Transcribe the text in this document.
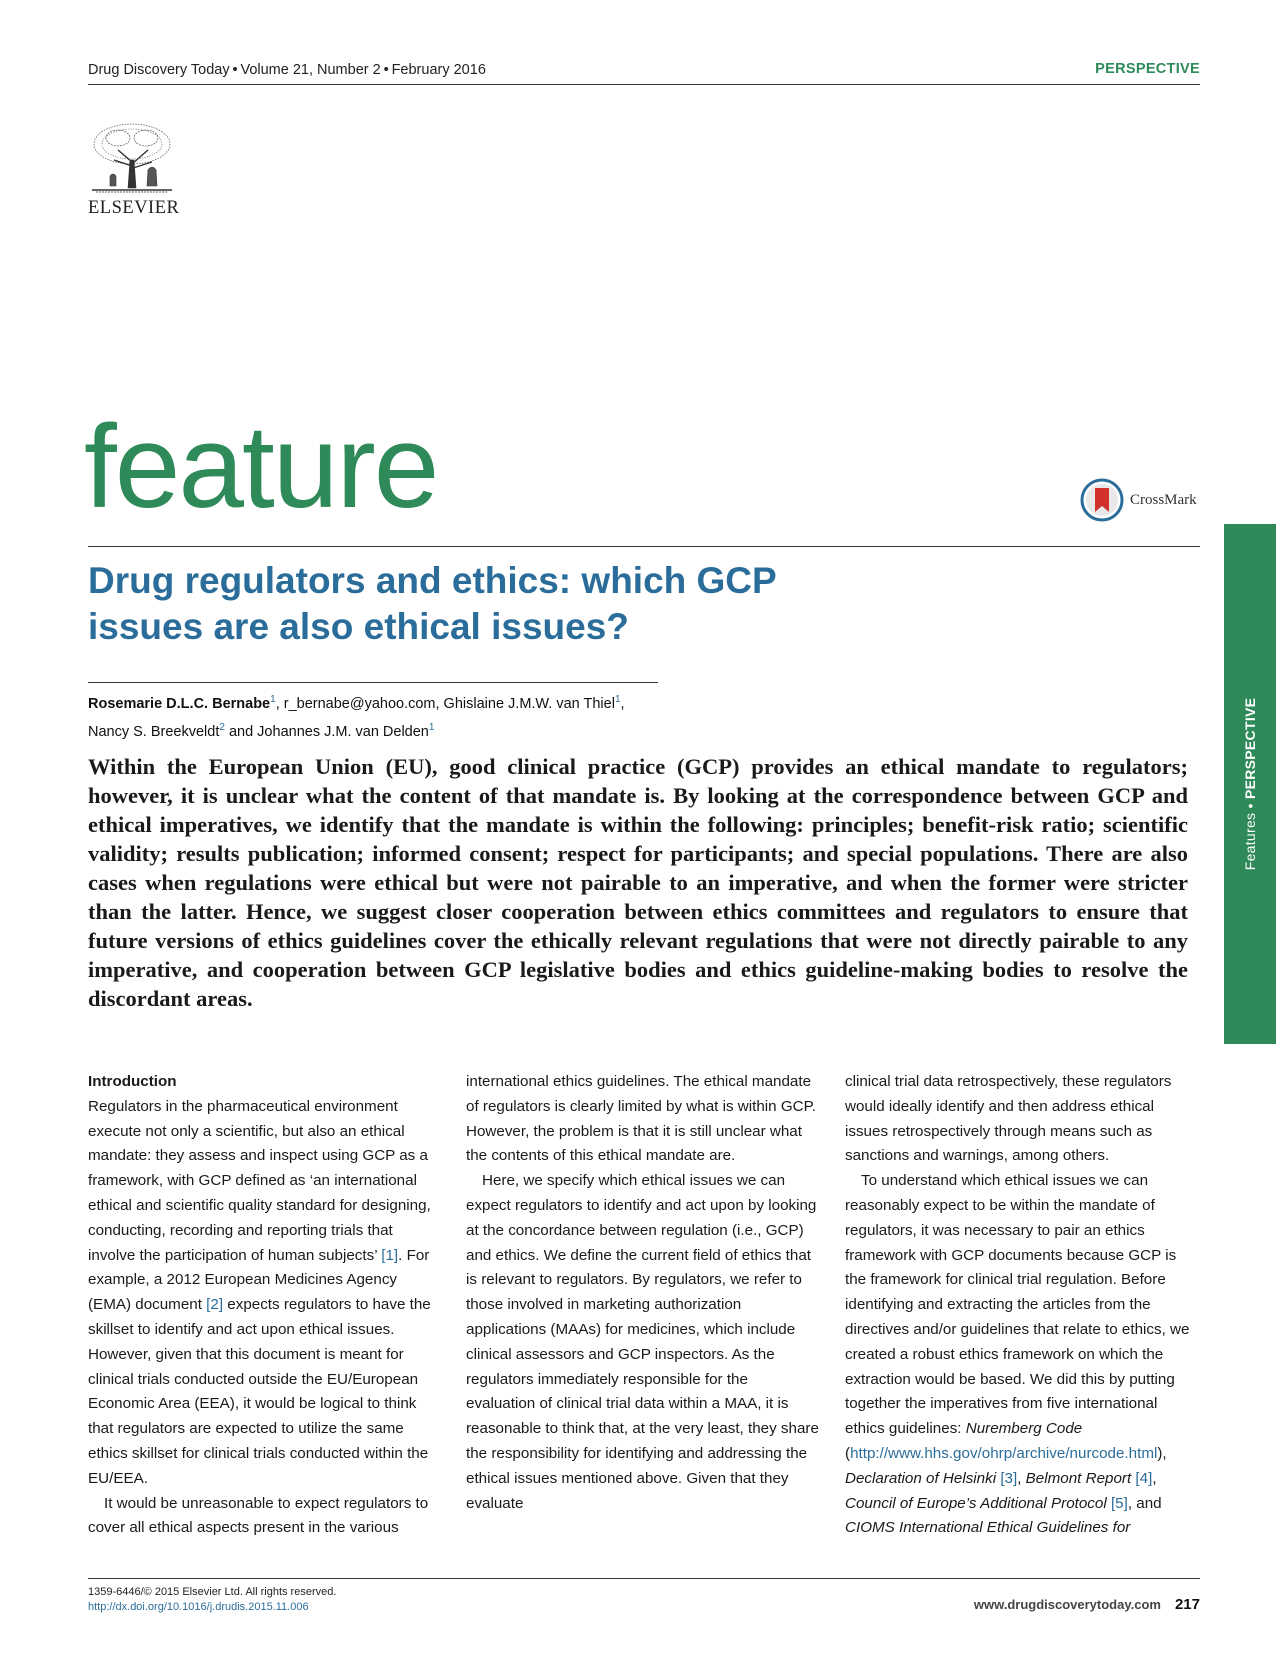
Drug Discovery Today • Volume 21, Number 2 • February 2016	PERSPECTIVE
ELSEVIER
feature	CrossMark
Drug regulators and ethics: which GCP
issues are also ethical issues?
Rosemarie D.L.C. Bernabe$^1$, r_bernabe@yahoo.com, Ghislaine J.M.W. van Thiel$^1$,
Nancy S. Breekveldt$^2$ and Johannes J.M. van Delden$^1$
Within the European Union (EU), good clinical practice (GCP) provides an ethical mandate to regulators; however, it is unclear what the content of that mandate is. By looking at the correspondence between GCP and ethical imperatives, we identify that the mandate is within the following: principles; benefit-risk ratio; scientific validity; results publication; informed consent; respect for participants; and special populations. There are also cases when regulations were ethical but were not pairable to an imperative, and when the former were stricter than the latter. Hence, we suggest closer cooperation between ethics committees and regulators to ensure that future versions of ethics guidelines cover the ethically relevant regulations that were not directly pairable to any imperative, and cooperation between GCP legislative bodies and ethics guideline-making bodies to resolve the discordant areas.
Features • PERSPECTIVE
Introduction

Regulators in the pharmaceutical environment execute not only a scientific, but also an ethical mandate: they assess and inspect using GCP as a framework, with GCP defined as ‘an international ethical and scientific quality standard for designing, conducting, recording and reporting trials that involve the participation of human subjects’ [1]. For example, a 2012 European Medicines Agency (EMA) document [2] expects regulators to have the skillset to identify and act upon ethical issues. However, given that this document is meant for clinical trials conducted outside the EU/European Economic Area (EEA), it would be logical to think that regulators are expected to utilize the same ethics skillset for clinical trials conducted within the EU/EEA.

It would be unreasonable to expect regulators to cover all ethical aspects present in the various

international ethics guidelines. The ethical mandate of regulators is clearly limited by what is within GCP. However, the problem is that it is still unclear what the contents of this ethical mandate are.

Here, we specify which ethical issues we can expect regulators to identify and act upon by looking at the concordance between regulation (i.e., GCP) and ethics. We define the current field of ethics that is relevant to regulators. By regulators, we refer to those involved in marketing authorization applications (MAAs) for medicines, which include clinical assessors and GCP inspectors. As the regulators immediately responsible for the evaluation of clinical trial data within a MAA, it is reasonable to think that, at the very least, they share the responsibility for identifying and addressing the ethical issues mentioned above. Given that they evaluate

clinical trial data retrospectively, these regulators would ideally identify and then address ethical issues retrospectively through means such as sanctions and warnings, among others.

To understand which ethical issues we can reasonably expect to be within the mandate of regulators, it was necessary to pair an ethics framework with GCP documents because GCP is the framework for clinical trial regulation. Before identifying and extracting the articles from the directives and/or guidelines that relate to ethics, we created a robust ethics framework on which the extraction would be based. We did this by putting together the imperatives from five international ethics guidelines: Nuremberg Code (http://www.hhs.gov/ohrp/archive/nurcode.html), Declaration of Helsinki [3], Belmont Report [4], Council of Europe’s Additional Protocol [5], and CIOMS International Ethical Guidelines for

1359-6446/© 2015 Elsevier Ltd. All rights reserved.
http://dx.doi.org/10.1016/j.drudis.2015.11.006	www.drugdiscoverytoday.com 217
